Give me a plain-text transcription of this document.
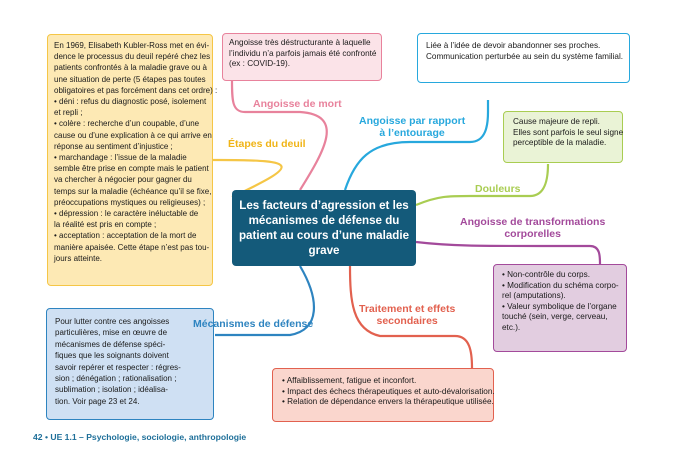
En 1969, Elisabeth Kubler-Ross met en évi-
dence le processus du deuil repéré chez les
patients confrontés à la maladie grave ou à
une situation de perte (5 étapes pas toutes
obligatoires et pas forcément dans cet ordre) :
• déni : refus du diagnostic posé, isolement
et repli ;
• colère : recherche d’un coupable, d’une
cause ou d’une explication à ce qui arrive en
réponse au sentiment d’injustice ;
• marchandage : l’issue de la maladie
semble être prise en compte mais le patient
va chercher à négocier pour gagner du
temps sur la maladie (échéance qu’il se fixe,
préoccupations mystiques ou religieuses) ;
• dépression : le caractère inéluctable de
la réalité est pris en compte ;
• acceptation : acceptation de la mort de
manière apaisée. Cette étape n’est pas tou-
jours atteinte.
Étapes du deuil
Angoisse très déstructurante à laquelle
l’individu n’a parfois jamais été confronté
(ex : COVID-19).
Angoisse de mort
Liée à l’idée de devoir abandonner ses proches.
Communication perturbée au sein du système familial.
Angoisse par rapport
à l’entourage
Cause majeure de repli.
Elles sont parfois le seul signe
perceptible de la maladie.
Douleurs
• Non-contrôle du corps.
• Modification du schéma corpo-
rel (amputations).
• Valeur symbolique de l’organe
touché (sein, verge, cerveau,
etc.).
Angoisse de transformations
corporelles
• Affaiblissement, fatigue et inconfort.
• Impact des échecs thérapeutiques et auto-dévalorisation.
• Relation de dépendance envers la thérapeutique utilisée.
Traitement et effets
secondaires
Pour lutter contre ces angoisses
particulières, mise en œuvre de
mécanismes de défense spéci-
fiques que les soignants doivent
savoir repérer et respecter : régres-
sion ; dénégation ; rationalisation ;
sublimation ; isolation ; idéalisa-
tion. Voir page 23 et 24.
Mécanismes de défense
Les facteurs d’agression et les mécanismes de défense du patient au cours d’une maladie grave
42 • UE 1.1 – Psychologie, sociologie, anthropologie
